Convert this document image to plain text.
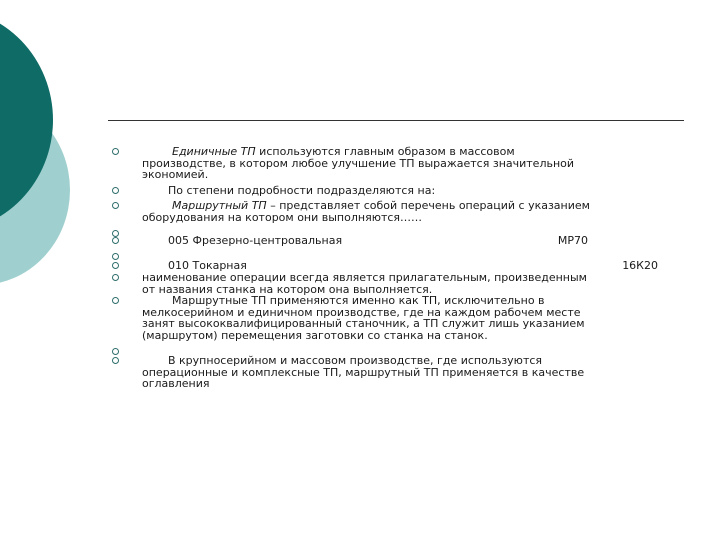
Единичные ТП используются главным образом в массовом
производстве, в котором любое улучшение ТП выражается значительной
экономией.
По степени подробности подразделяются на:
Маршрутный ТП – представляет собой перечень операций с указанием
оборудования на котором они выполняются……

005 Фрезерно-центровальная	МР70

010 Токарная	16К20
наименование операции всегда является прилагательным, произведенным
от названия станка на котором она выполняется.
Маршрутные ТП применяются именно как ТП, исключительно в
мелкосерийном и единичном производстве, где на каждом рабочем месте
занят высококвалифицированный станочник, а ТП служит лишь указанием
(маршрутом) перемещения заготовки со станка на станок.

В крупносерийном и массовом производстве, где используются
операционные и комплексные ТП, маршрутный ТП применяется в качестве
оглавления
